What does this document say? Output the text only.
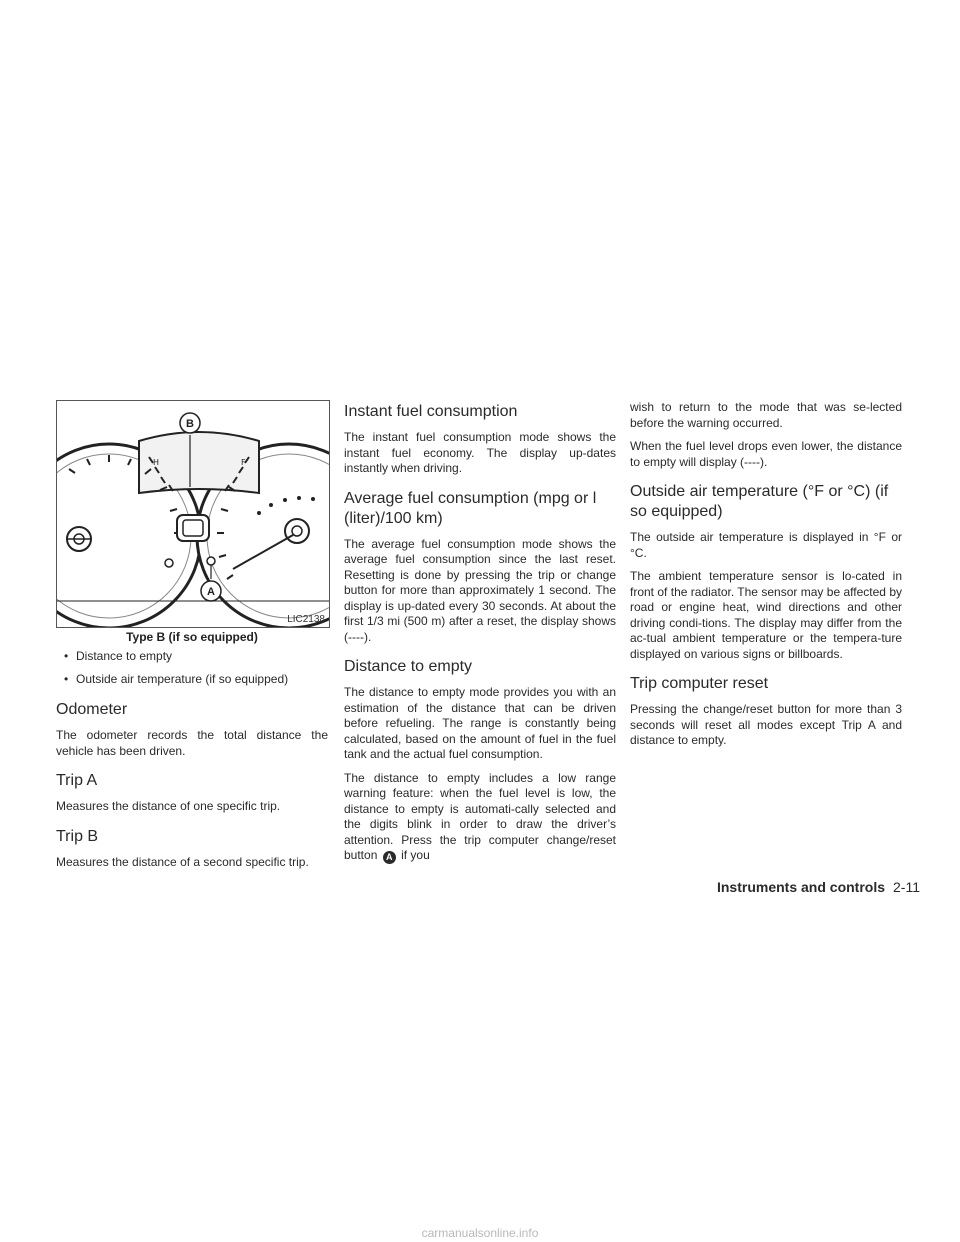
H	F
B
A
LIC2138
Type B (if so equipped)
• Distance to empty
• Outside air temperature (if so equipped)
Odometer

The odometer records the total distance the vehicle has been driven.

Trip A

Measures the distance of one specific trip.

Trip B

Measures the distance of a second specific trip.

Instant fuel consumption

The instant fuel consumption mode shows the instant fuel economy. The display up-dates instantly when driving.

Average fuel consumption (mpg or l (liter)/100 km)

The average fuel consumption mode shows the average fuel consumption since the last reset. Resetting is done by pressing the trip or change button for more than approximately 1 second. The display is up-dated every 30 seconds. At about the first 1/3 mi (500 m) after a reset, the display shows (----).

Distance to empty

The distance to empty mode provides you with an estimation of the distance that can be driven before refueling. The range is constantly being calculated, based on the amount of fuel in the fuel tank and the actual fuel consumption.

The distance to empty includes a low range warning feature: when the fuel level is low, the distance to empty is automati-cally selected and the digits blink in order to draw the driver’s attention. Press the trip computer change/reset button A if you

wish to return to the mode that was se-lected before the warning occurred.

When the fuel level drops even lower, the distance to empty will display (----).

Outside air temperature (°F or °C) (if so equipped)

The outside air temperature is displayed in °F or °C.

The ambient temperature sensor is lo-cated in front of the radiator. The sensor may be affected by road or engine heat, wind directions and other driving condi-tions. The display may differ from the ac-tual ambient temperature or the tempera-ture displayed on various signs or billboards.

Trip computer reset

Pressing the change/reset button for more than 3 seconds will reset all modes except Trip A and distance to empty.

Instruments and controls 2-11
carmanualsonline.info
